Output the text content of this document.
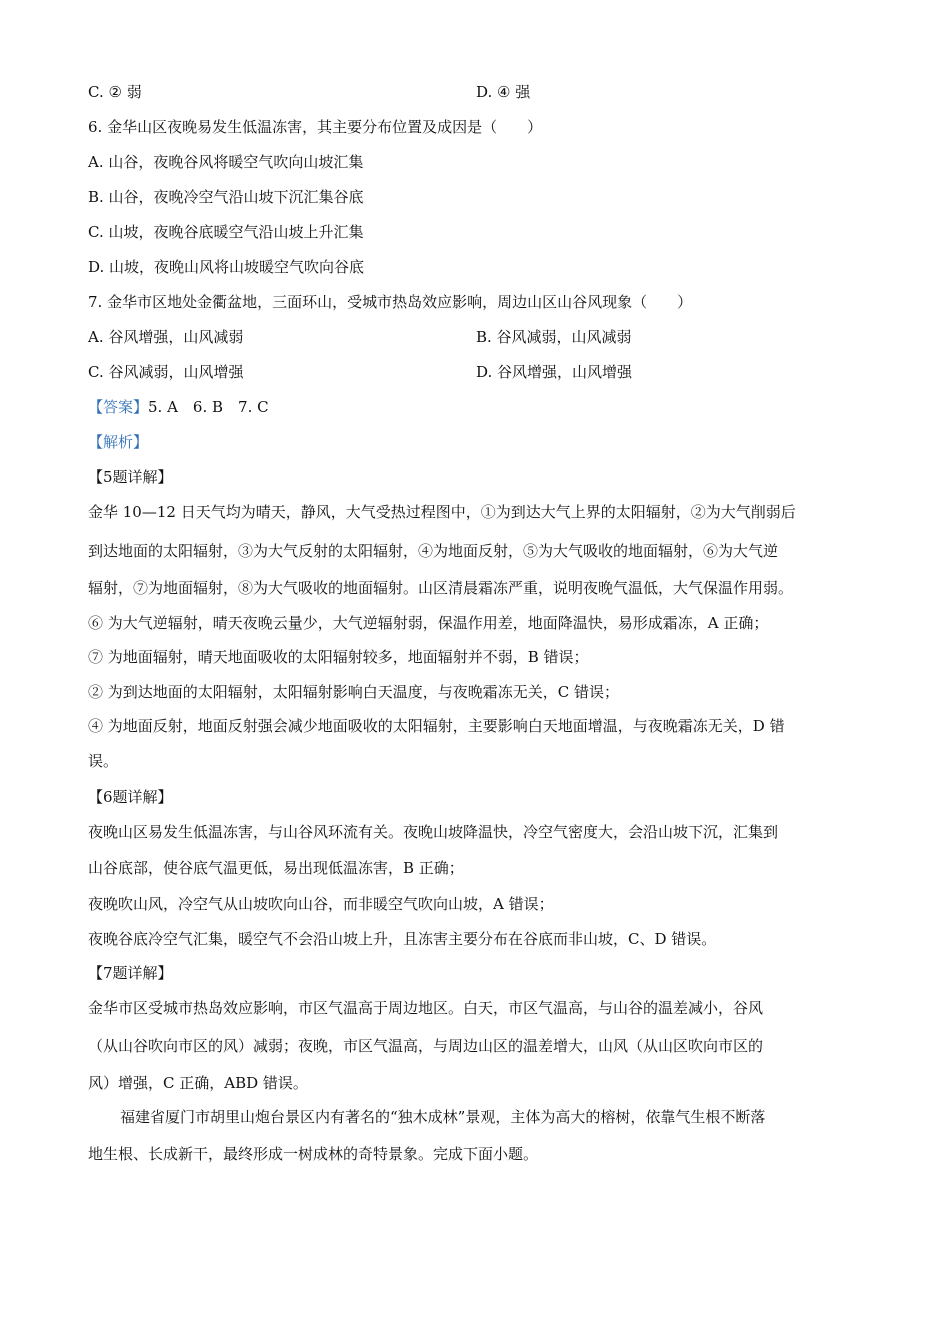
C. ② 弱	D. ④ 强
6. 金华山区夜晚易发生低温冻害，其主要分布位置及成因是（　　）
A. 山谷，夜晚谷风将暖空气吹向山坡汇集
B. 山谷，夜晚冷空气沿山坡下沉汇集谷底
C. 山坡，夜晚谷底暖空气沿山坡上升汇集
D. 山坡，夜晚山风将山坡暖空气吹向谷底
7. 金华市区地处金衢盆地，三面环山，受城市热岛效应影响，周边山区山谷风现象（　　）
A. 谷风增强，山风减弱	B. 谷风减弱，山风减弱
C. 谷风减弱，山风增强	D. 谷风增强，山风增强
【答案】5. A　6. B　7. C
【解析】
【5题详解】
金华 10—12 日天气均为晴天，静风，大气受热过程图中，①为到达大气上界的太阳辐射，②为大气削弱后
到达地面的太阳辐射，③为大气反射的太阳辐射，④为地面反射，⑤为大气吸收的地面辐射，⑥为大气逆
辐射，⑦为地面辐射，⑧为大气吸收的地面辐射。山区清晨霜冻严重，说明夜晚气温低，大气保温作用弱。
⑥ 为大气逆辐射，晴天夜晚云量少，大气逆辐射弱，保温作用差，地面降温快，易形成霜冻，A 正确；
⑦ 为地面辐射，晴天地面吸收的太阳辐射较多，地面辐射并不弱，B 错误；
② 为到达地面的太阳辐射，太阳辐射影响白天温度，与夜晚霜冻无关，C 错误；
④ 为地面反射，地面反射强会减少地面吸收的太阳辐射，主要影响白天地面增温，与夜晚霜冻无关，D 错
误。
【6题详解】
夜晚山区易发生低温冻害，与山谷风环流有关。夜晚山坡降温快，冷空气密度大，会沿山坡下沉，汇集到
山谷底部，使谷底气温更低，易出现低温冻害，B 正确；
夜晚吹山风，冷空气从山坡吹向山谷，而非暖空气吹向山坡，A 错误；
夜晚谷底冷空气汇集，暖空气不会沿山坡上升，且冻害主要分布在谷底而非山坡，C、D 错误。
【7题详解】
金华市区受城市热岛效应影响，市区气温高于周边地区。白天，市区气温高，与山谷的温差减小，谷风
（从山谷吹向市区的风）减弱；夜晚，市区气温高，与周边山区的温差增大，山风（从山区吹向市区的
风）增强，C 正确，ABD 错误。
福建省厦门市胡里山炮台景区内有著名的“独木成林”景观，主体为高大的榕树，依靠气生根不断落
地生根、长成新干，最终形成一树成林的奇特景象。完成下面小题。
